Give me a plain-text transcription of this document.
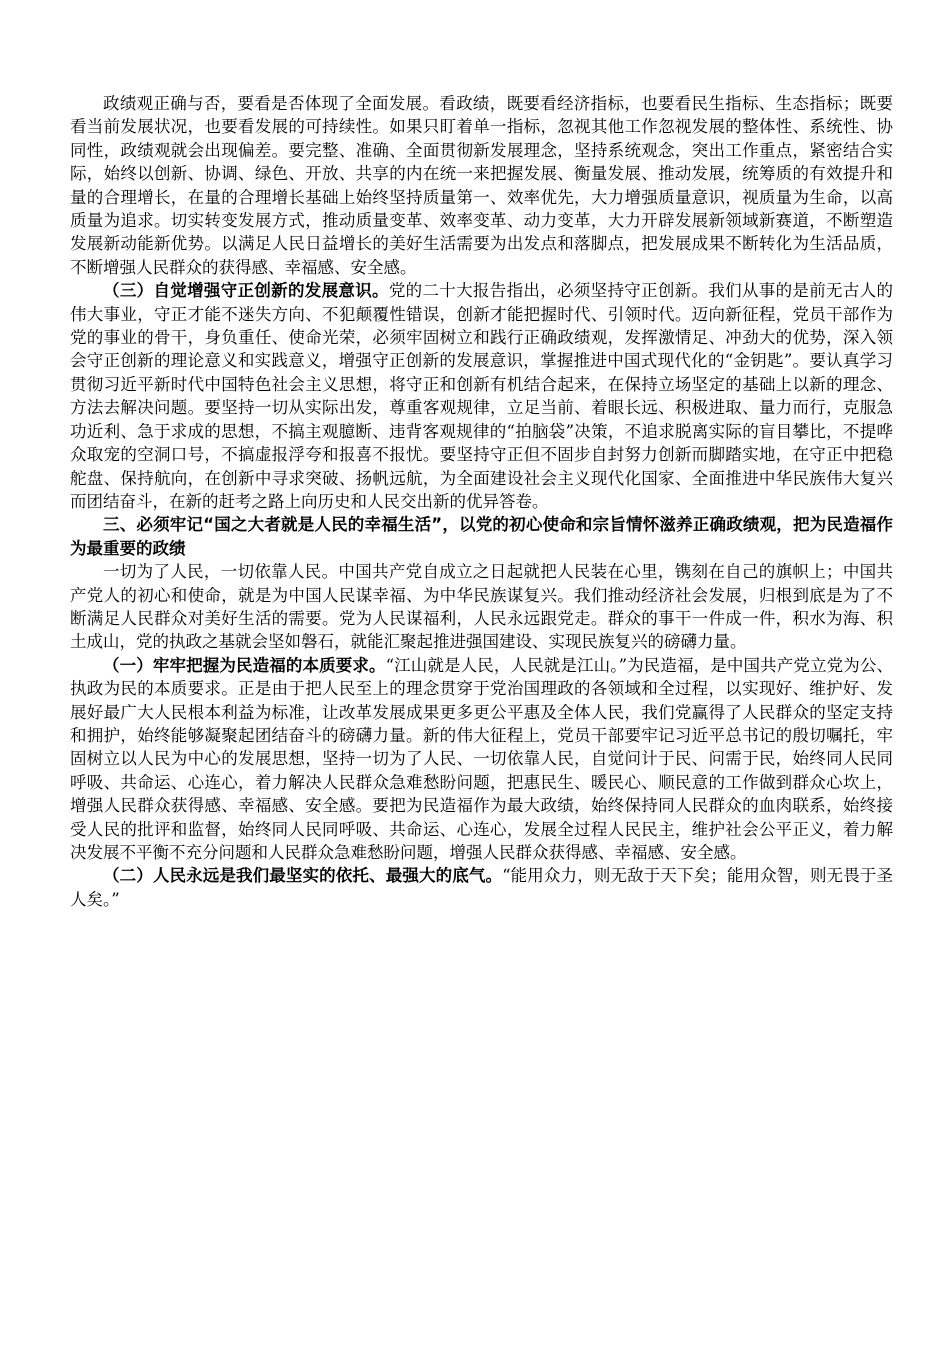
政绩观正确与否，要看是否体现了全面发展。看政绩，既要看经济指标，也要看民生指标、生态指标；既要看当前发展状况，也要看发展的可持续性。如果只盯着单一指标，忽视其他工作忽视发展的整体性、系统性、协同性，政绩观就会出现偏差。要完整、准确、全面贯彻新发展理念，坚持系统观念，突出工作重点，紧密结合实际，始终以创新、协调、绿色、开放、共享的内在统一来把握发展、衡量发展、推动发展，统筹质的有效提升和量的合理增长，在量的合理增长基础上始终坚持质量第一、效率优先，大力增强质量意识，视质量为生命，以高质量为追求。切实转变发展方式，推动质量变革、效率变革、动力变革，大力开辟发展新领域新赛道，不断塑造发展新动能新优势。以满足人民日益增长的美好生活需要为出发点和落脚点，把发展成果不断转化为生活品质，不断增强人民群众的获得感、幸福感、安全感。

（三）自觉增强守正创新的发展意识。党的二十大报告指出，必须坚持守正创新。我们从事的是前无古人的伟大事业，守正才能不迷失方向、不犯颠覆性错误，创新才能把握时代、引领时代。迈向新征程，党员干部作为党的事业的骨干，身负重任、使命光荣，必须牢固树立和践行正确政绩观，发挥激情足、冲劲大的优势，深入领会守正创新的理论意义和实践意义，增强守正创新的发展意识，掌握推进中国式现代化的“金钥匙”。要认真学习贯彻习近平新时代中国特色社会主义思想，将守正和创新有机结合起来，在保持立场坚定的基础上以新的理念、方法去解决问题。要坚持一切从实际出发，尊重客观规律，立足当前、着眼长远、积极进取、量力而行，克服急功近利、急于求成的思想，不搞主观臆断、违背客观规律的“拍脑袋”决策，不追求脱离实际的盲目攀比，不提哗众取宠的空洞口号，不搞虚报浮夸和报喜不报忧。要坚持守正但不固步自封努力创新而脚踏实地，在守正中把稳舵盘、保持航向，在创新中寻求突破、扬帆远航，为全面建设社会主义现代化国家、全面推进中华民族伟大复兴而团结奋斗，在新的赶考之路上向历史和人民交出新的优异答卷。

三、必须牢记“国之大者就是人民的幸福生活”，以党的初心使命和宗旨情怀滋养正确政绩观，把为民造福作为最重要的政绩

一切为了人民，一切依靠人民。中国共产党自成立之日起就把人民装在心里，镌刻在自己的旗帜上；中国共产党人的初心和使命，就是为中国人民谋幸福、为中华民族谋复兴。我们推动经济社会发展，归根到底是为了不断满足人民群众对美好生活的需要。党为人民谋福利，人民永远跟党走。群众的事干一件成一件，积水为海、积土成山，党的执政之基就会坚如磐石，就能汇聚起推进强国建设、实现民族复兴的磅礴力量。

（一）牢牢把握为民造福的本质要求。“江山就是人民，人民就是江山。”为民造福，是中国共产党立党为公、执政为民的本质要求。正是由于把人民至上的理念贯穿于党治国理政的各领域和全过程，以实现好、维护好、发展好最广大人民根本利益为标准，让改革发展成果更多更公平惠及全体人民，我们党赢得了人民群众的坚定支持和拥护，始终能够凝聚起团结奋斗的磅礴力量。新的伟大征程上，党员干部要牢记习近平总书记的殷切嘱托，牢固树立以人民为中心的发展思想，坚持一切为了人民、一切依靠人民，自觉问计于民、问需于民，始终同人民同呼吸、共命运、心连心，着力解决人民群众急难愁盼问题，把惠民生、暖民心、顺民意的工作做到群众心坎上，增强人民群众获得感、幸福感、安全感。要把为民造福作为最大政绩，始终保持同人民群众的血肉联系，始终接受人民的批评和监督，始终同人民同呼吸、共命运、心连心，发展全过程人民民主，维护社会公平正义，着力解决发展不平衡不充分问题和人民群众急难愁盼问题，增强人民群众获得感、幸福感、安全感。

（二）人民永远是我们最坚实的依托、最强大的底气。“能用众力，则无敌于天下矣；能用众智，则无畏于圣人矣。”
